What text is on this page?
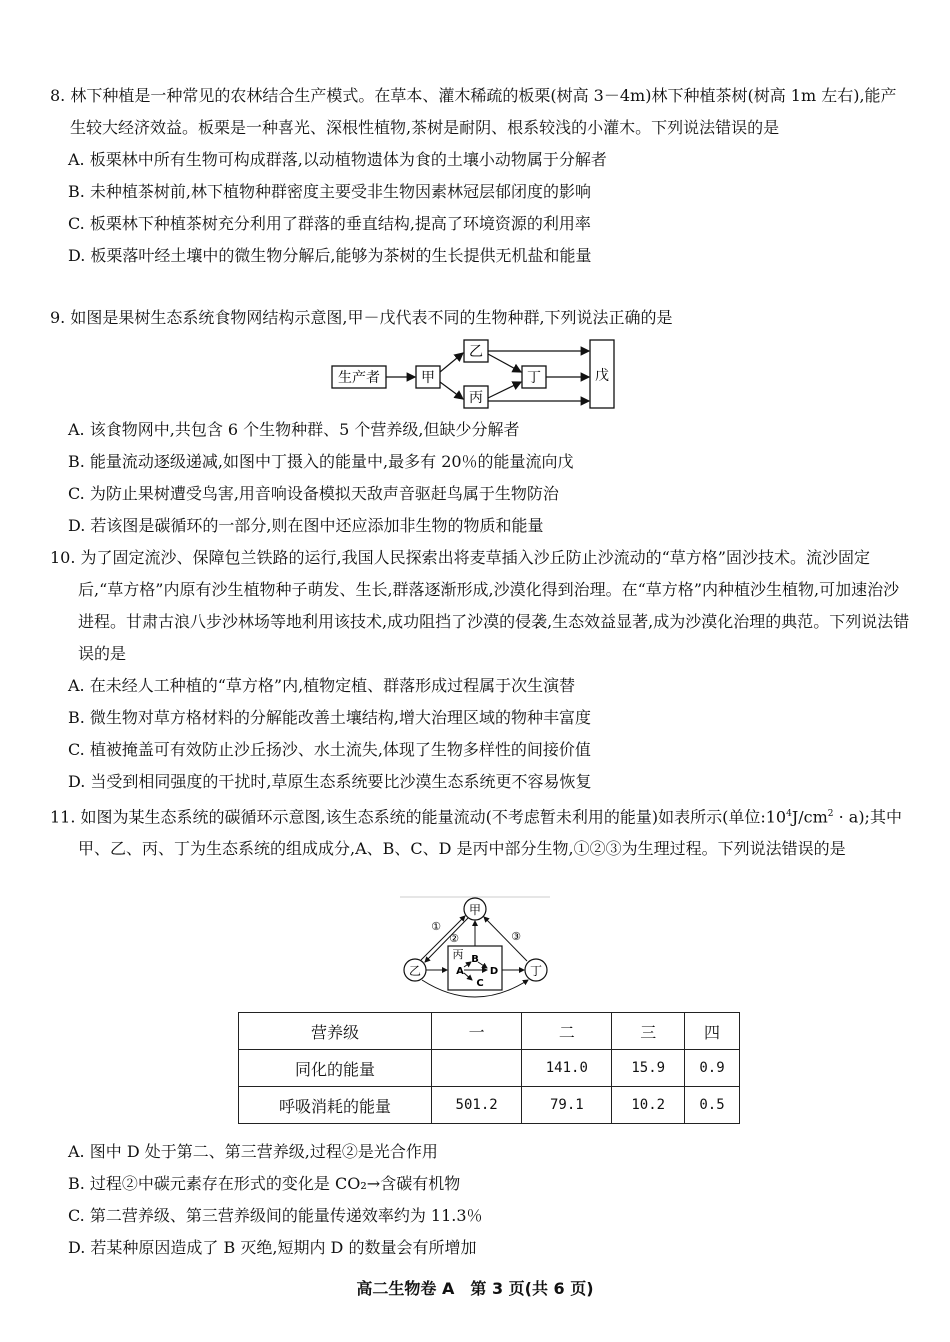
8. 林下种植是一种常见的农林结合生产模式。在草本、灌木稀疏的板栗(树高 3－4m)林下种植茶树(树高 1m 左右),能产生较大经济效益。板栗是一种喜光、深根性植物,茶树是耐阴、根系较浅的小灌木。下列说法错误的是

A. 板栗林中所有生物可构成群落,以动植物遗体为食的土壤小动物属于分解者

B. 未种植茶树前,林下植物种群密度主要受非生物因素林冠层郁闭度的影响

C. 板栗林下种植茶树充分利用了群落的垂直结构,提高了环境资源的利用率

D. 板栗落叶经土壤中的微生物分解后,能够为茶树的生长提供无机盐和能量

9. 如图是果树生态系统食物网结构示意图,甲－戊代表不同的生物种群,下列说法正确的是

生产者	甲
乙
丙
丁	戊

A. 该食物网中,共包含 6 个生物种群、5 个营养级,但缺少分解者

B. 能量流动逐级递减,如图中丁摄入的能量中,最多有 20％的能量流向戊

C. 为防止果树遭受鸟害,用音响设备模拟天敌声音驱赶鸟属于生物防治

D. 若该图是碳循环的一部分,则在图中还应添加非生物的物质和能量

10. 为了固定流沙、保障包兰铁路的运行,我国人民探索出将麦草插入沙丘防止沙流动的“草方格”固沙技术。流沙固定后,“草方格”内原有沙生植物种子萌发、生长,群落逐渐形成,沙漠化得到治理。在“草方格”内种植沙生植物,可加速治沙进程。甘肃古浪八步沙林场等地利用该技术,成功阻挡了沙漠的侵袭,生态效益显著,成为沙漠化治理的典范。下列说法错误的是

A. 在未经人工种植的“草方格”内,植物定植、群落形成过程属于次生演替

B. 微生物对草方格材料的分解能改善土壤结构,增大治理区域的物种丰富度

C. 植被掩盖可有效防止沙丘扬沙、水土流失,体现了生物多样性的间接价值

D. 当受到相同强度的干扰时,草原生态系统要比沙漠生态系统更不容易恢复

11. 如图为某生态系统的碳循环示意图,该生态系统的能量流动(不考虑暂未利用的能量)如表所示(单位$:10^4J/cm^2 \cdot a$);其中甲、乙、丙、丁为生态系统的组成成分,A、B、C、D 是丙中部分生物,①②③为生理过程。下列说法错误的是

甲
乙	丁
丙
A
B
C
D
①
②	③
营养级	一	二	三	四
同化的能量		141.0	15.9	0.9
呼吸消耗的能量	501.2	79.1	10.2	0.5

A. 图中 D 处于第二、第三营养级,过程②是光合作用

B. 过程②中碳元素存在形式的变化是 CO₂→含碳有机物

C. 第二营养级、第三营养级间的能量传递效率约为 11.3％

D. 若某种原因造成了 B 灭绝,短期内 D 的数量会有所增加

高二生物卷 A　第 3 页(共 6 页)
